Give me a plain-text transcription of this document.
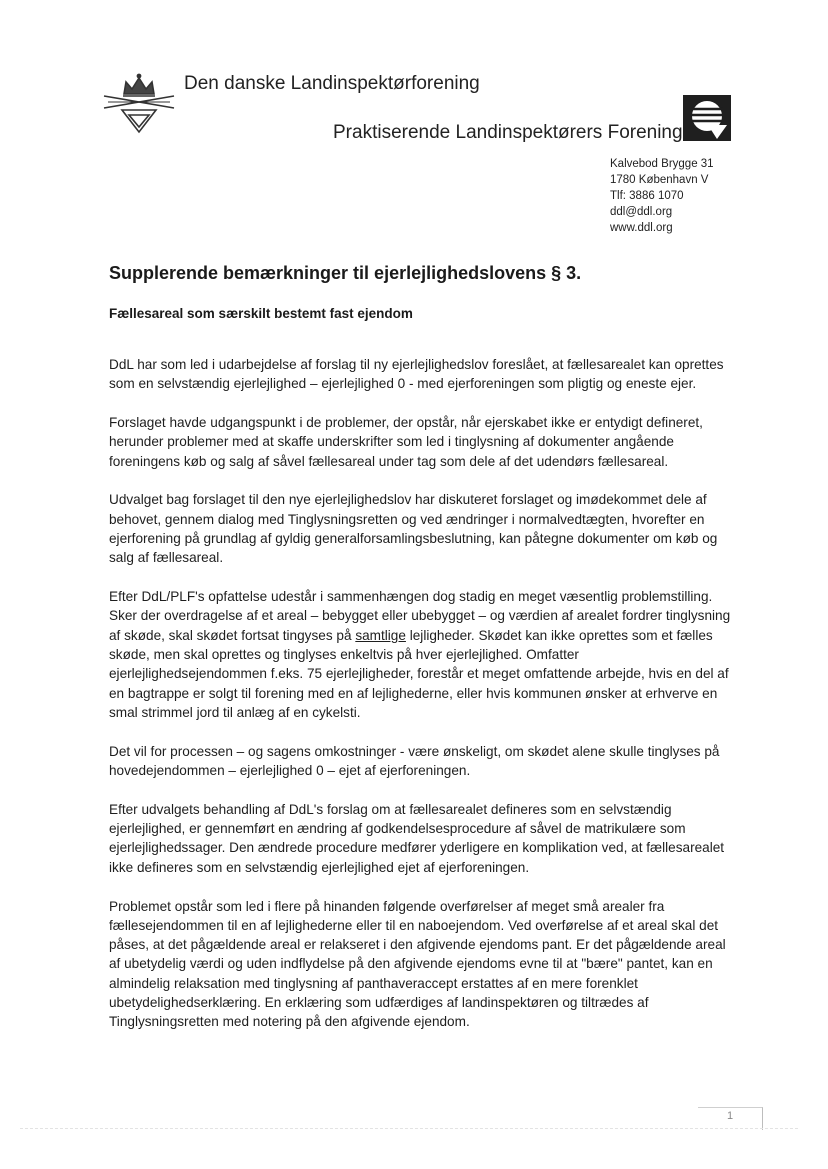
Den danske Landinspektørforening
Praktiserende Landinspektørers Forening
Kalvebod Brygge 31
1780 København V
Tlf: 3886 1070
ddl@ddl.org
www.ddl.org
Supplerende bemærkninger til ejerlejlighedslovens § 3.
Fællesareal som særskilt bestemt fast ejendom

DdL har som led i udarbejdelse af forslag til ny ejerlejlighedslov foreslået, at fællesarealet kan oprettes som en selvstændig ejerlejlighed – ejerlejlighed 0 - med ejerforeningen som pligtig og eneste ejer.

Forslaget havde udgangspunkt i de problemer, der opstår, når ejerskabet ikke er entydigt defineret, herunder problemer med at skaffe underskrifter som led i tinglysning af dokumenter angående foreningens køb og salg af såvel fællesareal under tag som dele af det udendørs fællesareal.

Udvalget bag forslaget til den nye ejerlejlighedslov har diskuteret forslaget og imødekommet dele af behovet, gennem dialog med Tinglysningsretten og ved ændringer i normalvedtægten, hvorefter en ejerforening på grundlag af gyldig generalforsamlingsbeslutning, kan påtegne dokumenter om køb og salg af fællesareal.

Efter DdL/PLF's opfattelse udestår i sammenhængen dog stadig en meget væsentlig problemstilling. Sker der overdragelse af et areal – bebygget eller ubebygget – og værdien af arealet fordrer tinglysning af skøde, skal skødet fortsat tingyses på samtlige lejligheder. Skødet kan ikke oprettes som et fælles skøde, men skal oprettes og tinglyses enkeltvis på hver ejerlejlighed. Omfatter ejerlejlighedsejendommen f.eks. 75 ejerlejligheder, forestår et meget omfattende arbejde, hvis en del af en bagtrappe er solgt til forening med en af lejlighederne, eller hvis kommunen ønsker at erhverve en smal strimmel jord til anlæg af en cykelsti.

Det vil for processen – og sagens omkostninger - være ønskeligt, om skødet alene skulle tinglyses på hovedejendommen – ejerlejlighed 0 – ejet af ejerforeningen.

Efter udvalgets behandling af DdL's forslag om at fællesarealet defineres som en selvstændig ejerlejlighed, er gennemført en ændring af godkendelsesprocedure af såvel de matrikulære som ejerlejlighedssager. Den ændrede procedure medfører yderligere en komplikation ved, at fællesarealet ikke defineres som en selvstændig ejerlejlighed ejet af ejerforeningen.

Problemet opstår som led i flere på hinanden følgende overførelser af meget små arealer fra fællesejendommen til en af lejlighederne eller til en naboejendom. Ved overførelse af et areal skal det påses, at det pågældende areal er relakseret i den afgivende ejendoms pant. Er det pågældende areal af ubetydelig værdi og uden indflydelse på den afgivende ejendoms evne til at "bære" pantet, kan en almindelig relaksation med tinglysning af panthaveraccept erstattes af en mere forenklet ubetydelighedserklæring. En erklæring som udfærdiges af landinspektøren og tiltrædes af Tinglysningsretten med notering på den afgivende ejendom.

1
